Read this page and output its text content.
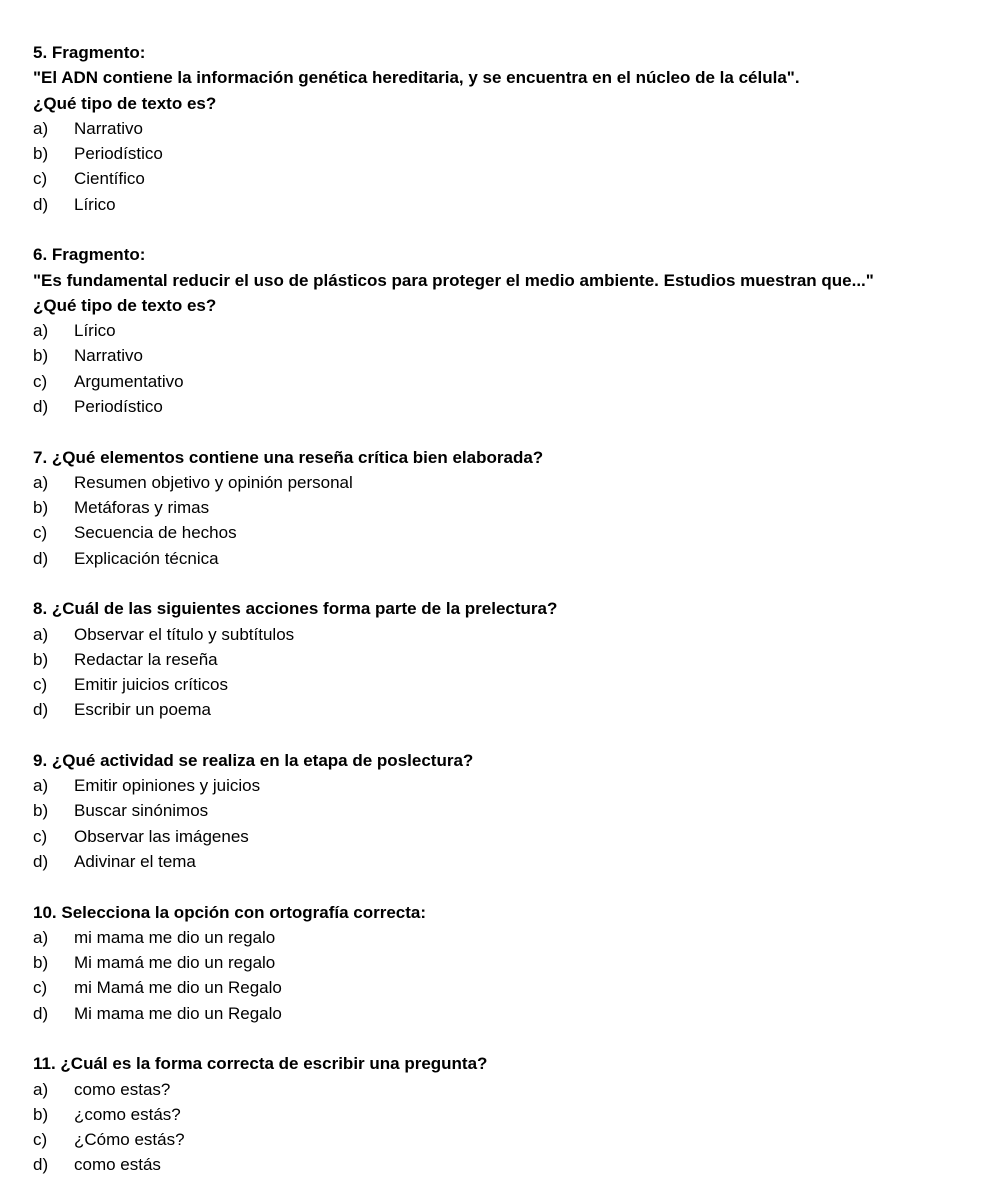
5. Fragmento:
"El ADN contiene la información genética hereditaria, y se encuentra en el núcleo de la célula".
¿Qué tipo de texto es?
a)	Narrativo
b)	Periodístico
c)	Científico
d)	Lírico
6. Fragmento:
"Es fundamental reducir el uso de plásticos para proteger el medio ambiente. Estudios muestran que..."
¿Qué tipo de texto es?
a)	Lírico
b)	Narrativo
c)	Argumentativo
d)	Periodístico
7. ¿Qué elementos contiene una reseña crítica bien elaborada?
a)	Resumen objetivo y opinión personal
b)	Metáforas y rimas
c)	Secuencia de hechos
d)	Explicación técnica
8. ¿Cuál de las siguientes acciones forma parte de la prelectura?
a)	Observar el título y subtítulos
b)	Redactar la reseña
c)	Emitir juicios críticos
d)	Escribir un poema
9. ¿Qué actividad se realiza en la etapa de poslectura?
a)	Emitir opiniones y juicios
b)	Buscar sinónimos
c)	Observar las imágenes
d)	Adivinar el tema
10. Selecciona la opción con ortografía correcta:
a)	mi mama me dio un regalo
b)	Mi mamá me dio un regalo
c)	mi Mamá me dio un Regalo
d)	Mi mama me dio un Regalo
11. ¿Cuál es la forma correcta de escribir una pregunta?
a)	como estas?
b)	¿como estás?
c)	¿Cómo estás?
d)	como estás
